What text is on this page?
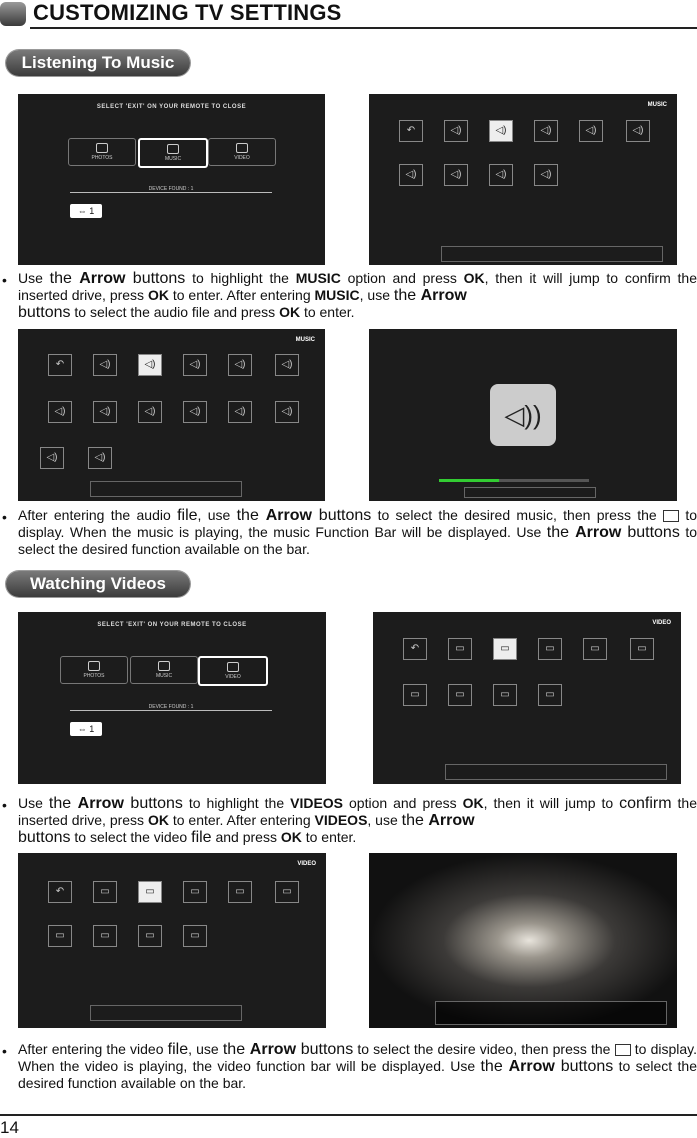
CUSTOMIZING TV SETTINGS
Listening To Music
SELECT 'EXIT' ON YOUR REMOTE TO CLOSE
PHOTOS	MUSIC	VIDEO
DEVICE FOUND : 1
⇔ 1
MUSIC
↶	◁)	◁)	◁)	◁)	◁)
◁)	◁)	◁)	◁)
• Use the Arrow buttons to highlight the MUSIC option and press OK, then it will jump to confirm the inserted drive, press OK to enter. After entering MUSIC, use the Arrow
buttons to select the audio file and press OK to enter.
MUSIC
↶	◁)	◁)	◁)	◁)	◁)
◁)	◁)	◁)	◁)	◁)	◁)
◁)	◁)
◁))
• After entering the audio file, use the Arrow buttons to select the desired music, then press the  to display. When the music is playing, the music Function Bar will be displayed. Use the Arrow buttons to select the desired function available on the bar.
Watching Videos
SELECT 'EXIT' ON YOUR REMOTE TO CLOSE
PHOTOS	MUSIC	VIDEO
DEVICE FOUND : 1
⇔ 1
VIDEO
↶	▭	▭	▭	▭	▭
▭	▭	▭	▭
• Use the Arrow buttons to highlight the VIDEOS option and press OK, then it will jump to confirm the inserted drive, press OK to enter. After entering VIDEOS, use the Arrow
buttons to select the video file and press OK to enter.
VIDEO
↶	▭	▭	▭	▭	▭
▭	▭	▭	▭
• After entering the video file, use the Arrow buttons to select the desire video, then press the  to display. When the video is playing, the video function bar will be displayed. Use the Arrow buttons to select the desired function available on the bar.
14
